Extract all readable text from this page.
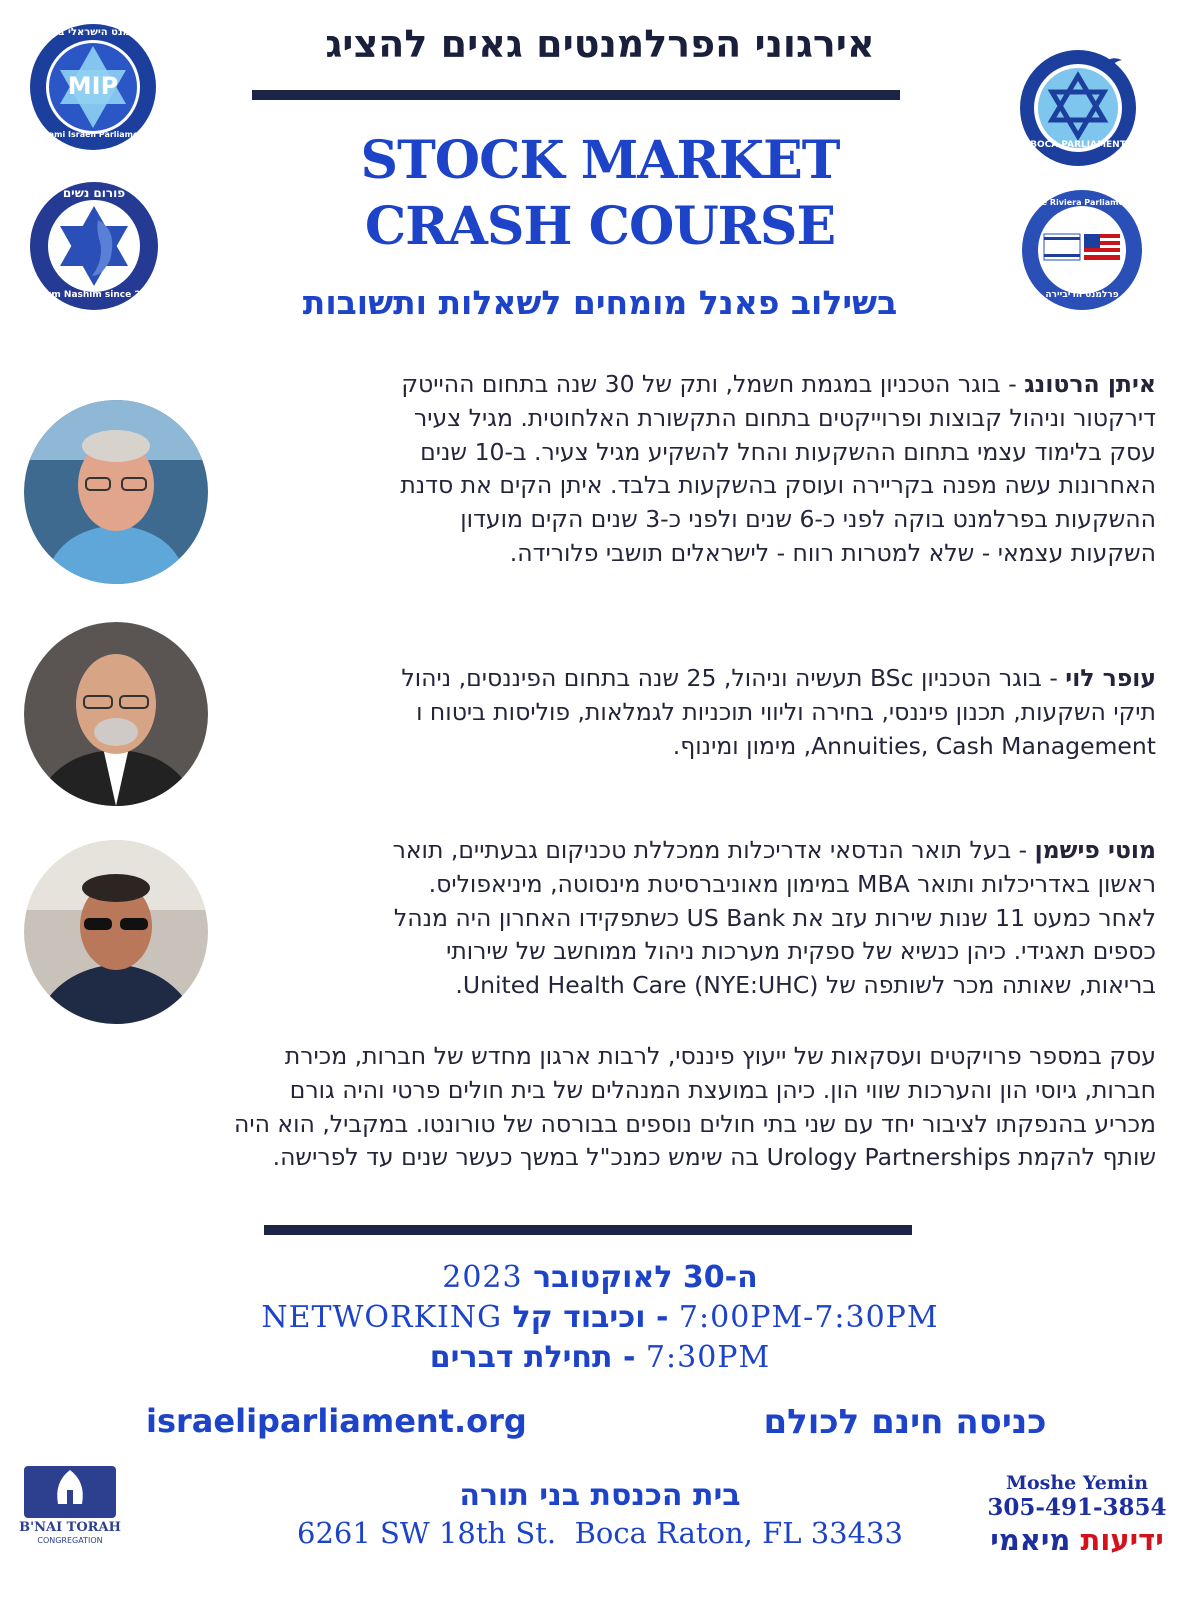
אירגוני הפרלמנטים גאים להציג
STOCK MARKET
CRASH COURSE
בשילוב פאנל מומחים לשאלות ותשובות
MIP
הפרלמנט הישראלי במיאמי
Miami Israeli Parliament
BOCA PARLIAMENT
פרלמנט בוקה
פורום נשים
Forum Nashim since 2009
The Riviera Parliament
פרלמנט הריביירה
איתן הרטונג - בוגר הטכניון במגמת חשמל, ותק של 30 שנה בתחום ההייטק
דירקטור וניהול קבוצות ופרוייקטים בתחום התקשורת האלחוטית. מגיל צעיר
עסק בלימוד עצמי בתחום ההשקעות והחל להשקיע מגיל צעיר. ב-10 שנים
האחרונות עשה מפנה בקריירה ועוסק בהשקעות בלבד. איתן הקים את סדנת
ההשקעות בפרלמנט בוקה לפני כ-6 שנים ולפני כ-3 שנים הקים מועדון
השקעות עצמאי - שלא למטרות רווח - לישראלים תושבי פלורידה.
עופר לוי - בוגר הטכניון BSc תעשיה וניהול, 25 שנה בתחום הפיננסים, ניהול
תיקי השקעות, תכנון פיננסי, בחירה וליווי תוכניות לגמלאות, פוליסות ביטוח ו
Annuities, Cash Management, מימון ומינוף.
מוטי פישמן - בעל תואר הנדסאי אדריכלות ממכללת טכניקום גבעתיים, תואר
ראשון באדריכלות ותואר MBA במימון מאוניברסיטת מינסוטה, מיניאפוליס.
לאחר כמעט 11 שנות שירות עזב את US Bank כשתפקידו האחרון היה מנהל
כספים תאגידי. כיהן כנשיא של ספקית מערכות ניהול ממוחשב של שירותי
בריאות, שאותה מכר לשותפה של (NYE:UHC) United Health Care.
עסק במספר פרויקטים ועסקאות של ייעוץ פיננסי, לרבות ארגון מחדש של חברות, מכירת
חברות, גיוסי הון והערכות שווי הון. כיהן במועצת המנהלים של בית חולים פרטי והיה גורם
מכריע בהנפקתו לציבור יחד עם שני בתי חולים נוספים בבורסה של טורונטו. במקביל, הוא היה
שותף להקמת Urology Partnerships בה שימש כמנכ"ל במשך כעשר שנים עד לפרישה.
ה-30 לאוקטובר 2023
7:00PM-7:30PM - וכיבוד קל NETWORKING
7:30PM - תחילת דברים
israeliparliament.org	כניסה חינם לכולם
בית הכנסת בני תורה
6261 SW 18th St.  Boca Raton, FL 33433
B'NAI TORAH
CONGREGATION
Moshe Yemin
305-491-3854
ידיעות מיאמי
